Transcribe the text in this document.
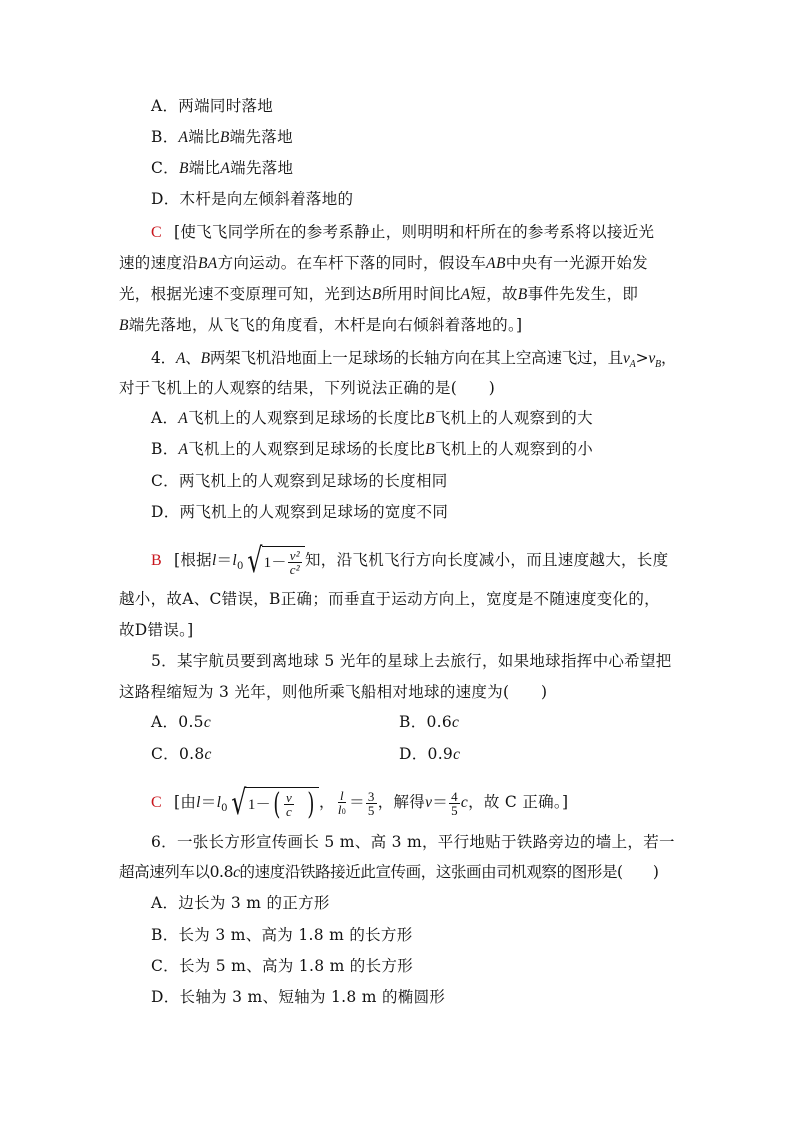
A．两端同时落地
B．A端比B端先落地
C．B端比A端先落地
D．木杆是向左倾斜着落地的
C [使飞飞同学所在的参考系静止，则明明和杆所在的参考系将以接近光
速的速度沿BA方向运动。在车杆下落的同时，假设车AB中央有一光源开始发
光，根据光速不变原理可知，光到达B所用时间比A短，故B事件先发生，即
B端先落地，从飞飞的角度看，木杆是向右倾斜着落地的。]
4．A、B两架飞机沿地面上一足球场的长轴方向在其上空高速飞过，且$v_A>v_B$，
对于飞机上的人观察的结果，下列说法正确的是(　　)
A．A飞机上的人观察到足球场的长度比B飞机上的人观察到的大
B．A飞机上的人观察到足球场的长度比B飞机上的人观察到的小
C．两飞机上的人观察到足球场的长度相同
D．两飞机上的人观察到足球场的宽度不同
B [根据$l=l_0$ √ $1- \frac{\text{v²}}{\text{c²}}$ 知，沿飞机飞行方向长度减小，而且速度越大，长度
越小，故A、C错误，B正确；而垂直于运动方向上，宽度是不随速度变化的，
故D错误。]
5．某宇航员要到离地球 5 光年的星球上去旅行，如果地球指挥中心希望把
这路程缩短为 3 光年，则他所乘飞船相对地球的速度为(　　)
A．0.5c	B．0.6c
C．0.8c	D．0.9c
C [由$l=l_0$ √ 1－ ( $\frac{v}{c}$ ) ， $\frac{l}{l0} = \frac{3}{5}$ ，解得$v= \frac{4}{5}$ c，故 C 正确。]
6．一张长方形宣传画长 5 m、高 3 m，平行地贴于铁路旁边的墙上，若一
超高速列车以0.8c的速度沿铁路接近此宣传画，这张画由司机观察的图形是(　　)
A．边长为 3 m 的正方形
B．长为 3 m、高为 1.8 m 的长方形
C．长为 5 m、高为 1.8 m 的长方形
D．长轴为 3 m、短轴为 1.8 m 的椭圆形
